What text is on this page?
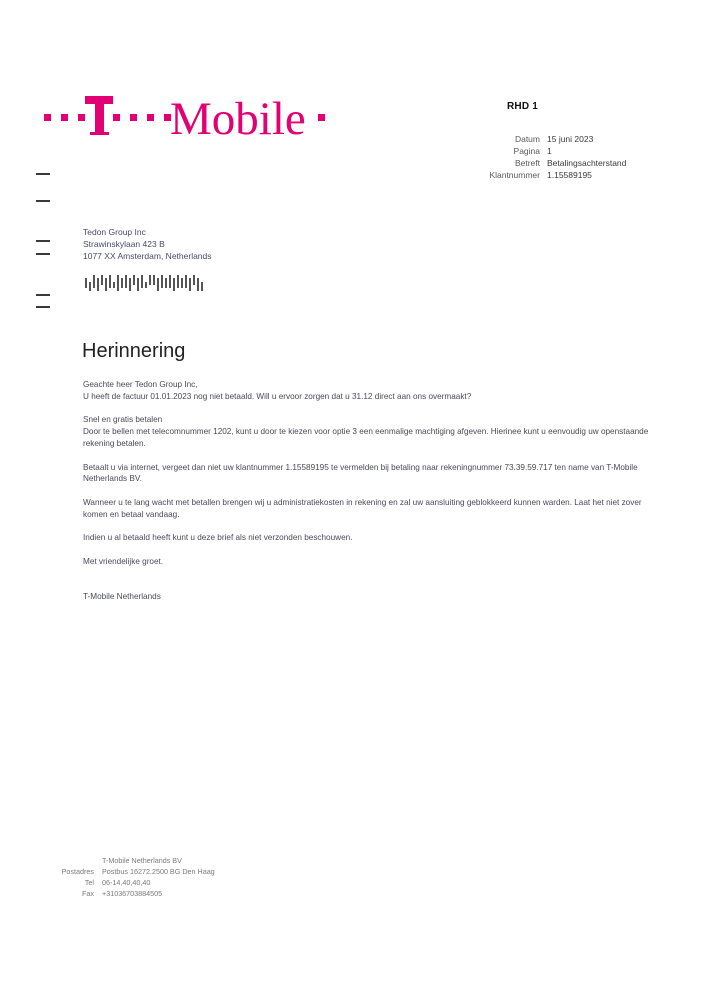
Mobile	RHD 1
Datum 15 juni 2023
Pagina 1
Betreft Betalingsachterstand
Klantnummer 1.15589195
Tedon Group Inc
Strawinskylaan 423 B
1077 XX Amsterdam, Netherlands
Herinnering

Geachte heer Tedon Group Inc,

U heeft de factuur 01.01.2023 nog niet betaald. Will u ervoor zorgen dat u 31.12 direct aan ons overmaakt?

Snel en gratis betalen

Door te bellen met telecomnummer 1202, kunt u door te kiezen voor optie 3 een eenmalige machtiging afgeven. Hierinee kunt u eenvoudig uw openstaande rekening betalen.

Betaalt u via internet, vergeet dan niet uw klantnummer 1.15589195 te vermelden bij betaling naar rekeningnummer 73.39.59.717 ten name van T-Mobile Netherlands BV.

Wanneer u te lang wacht met betallen brengen wij u administratiekosten in rekening en zal uw aansluiting geblokkeerd kunnen warden. Laat het niet zover komen en betaal vandaag.

Indien u al betaald heeft kunt u deze brief als niet verzonden beschouwen.

Met vriendelijke groet.

T-Mobile Netherlands

T-Mobile Netherlands BV
Postadres	Postbus 16272.2500 BG Den Haag
Tel	06-14,40,40,40
Fax	+31036703884505
